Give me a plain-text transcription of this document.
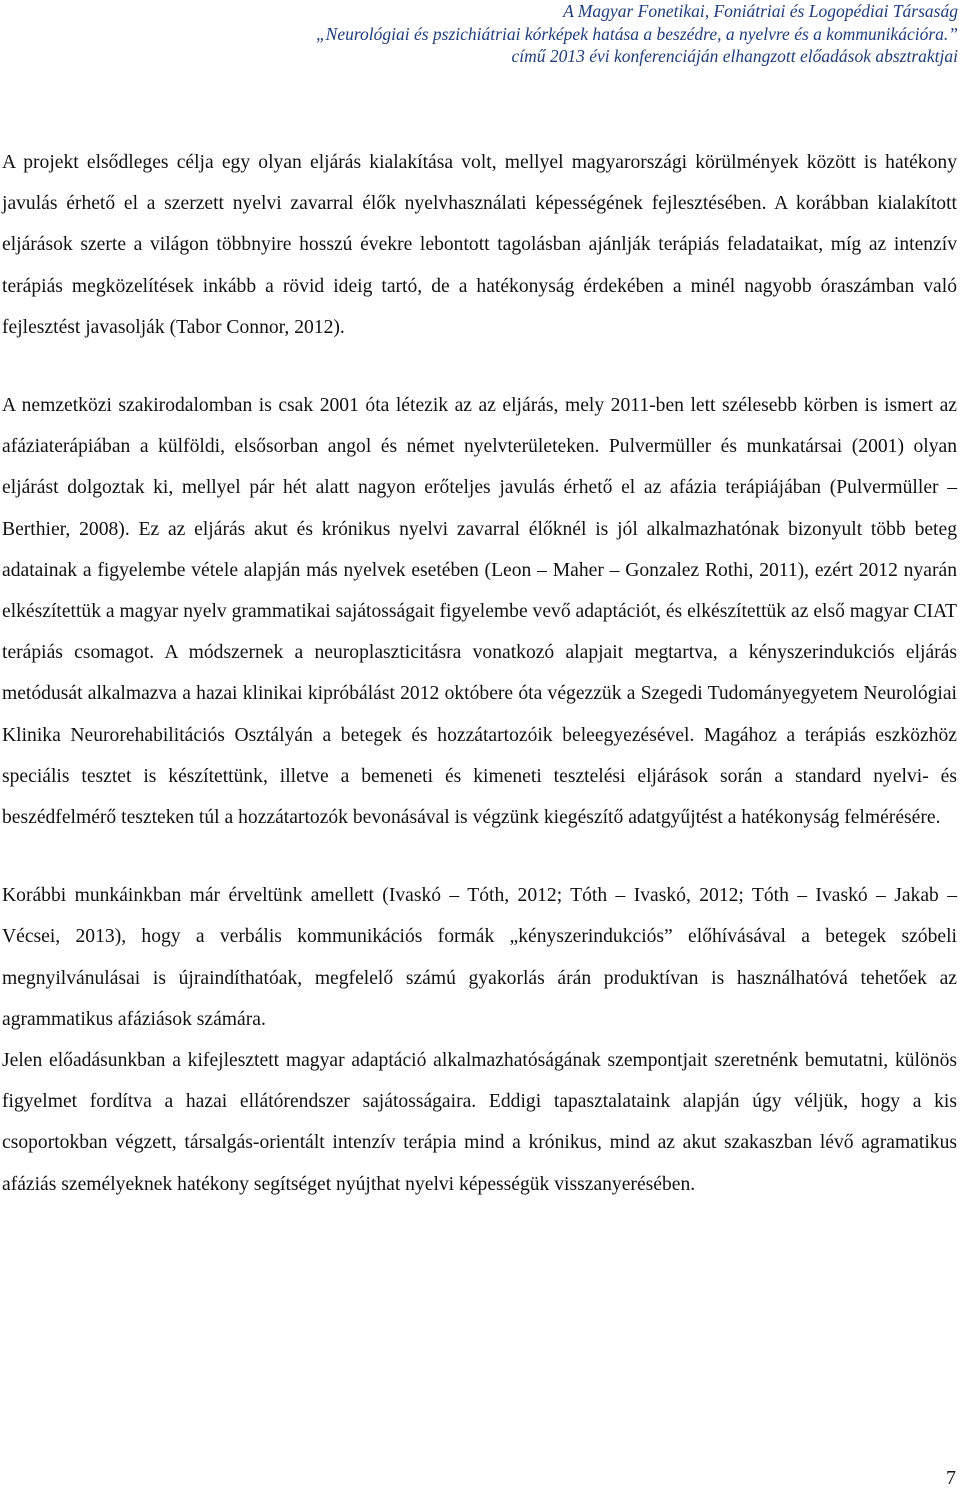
A Magyar Fonetikai, Foniátriai és Logopédiai Társaság
„Neurológiai és pszichiátriai kórképek hatása a beszédre, a nyelvre és a kommunikációra.”
című 2013 évi konferenciáján elhangzott előadások absztraktjai

A projekt elsődleges célja egy olyan eljárás kialakítása volt, mellyel magyarországi körülmények között is hatékony javulás érhető el a szerzett nyelvi zavarral élők nyelvhasználati képességének fejlesztésében. A korábban kialakított eljárások szerte a világon többnyire hosszú évekre lebontott tagolásban ajánlják terápiás feladataikat, míg az intenzív terápiás megközelítések inkább a rövid ideig tartó, de a hatékonyság érdekében a minél nagyobb óraszámban való fejlesztést javasolják (Tabor Connor, 2012).

A nemzetközi szakirodalomban is csak 2001 óta létezik az az eljárás, mely 2011-ben lett szélesebb körben is ismert az afáziaterápiában a külföldi, elsősorban angol és német nyelvterületeken. Pulvermüller és munkatársai (2001) olyan eljárást dolgoztak ki, mellyel pár hét alatt nagyon erőteljes javulás érhető el az afázia terápiájában (Pulvermüller – Berthier, 2008). Ez az eljárás akut és krónikus nyelvi zavarral élőknél is jól alkalmazhatónak bizonyult több beteg adatainak a figyelembe vétele alapján más nyelvek esetében (Leon – Maher – Gonzalez Rothi, 2011), ezért 2012 nyarán elkészítettük a magyar nyelv grammatikai sajátosságait figyelembe vevő adaptációt, és elkészítettük az első magyar CIAT terápiás csomagot. A módszernek a neuroplaszticitásra vonatkozó alapjait megtartva, a kényszerindukciós eljárás metódusát alkalmazva a hazai klinikai kipróbálást 2012 októbere óta végezzük a Szegedi Tudományegyetem Neurológiai Klinika Neurorehabilitációs Osztályán a betegek és hozzátartozóik beleegyezésével. Magához a terápiás eszközhöz speciális tesztet is készítettünk, illetve a bemeneti és kimeneti tesztelési eljárások során a standard nyelvi- és beszédfelmérő teszteken túl a hozzátartozók bevonásával is végzünk kiegészítő adatgyűjtést a hatékonyság felmérésére.

Korábbi munkáinkban már érveltünk amellett (Ivaskó – Tóth, 2012; Tóth – Ivaskó, 2012; Tóth – Ivaskó – Jakab – Vécsei, 2013), hogy a verbális kommunikációs formák „kényszerindukciós” előhívásával a betegek szóbeli megnyilvánulásai is újraindíthatóak, megfelelő számú gyakorlás árán produktívan is használhatóvá tehetőek az agrammatikus afáziások számára.

Jelen előadásunkban a kifejlesztett magyar adaptáció alkalmazhatóságának szempontjait szeretnénk bemutatni, különös figyelmet fordítva a hazai ellátórendszer sajátosságaira. Eddigi tapasztalataink alapján úgy véljük, hogy a kis csoportokban végzett, társalgás-orientált intenzív terápia mind a krónikus, mind az akut szakaszban lévő agramatikus afáziás személyeknek hatékony segítséget nyújthat nyelvi képességük visszanyerésében.

7
